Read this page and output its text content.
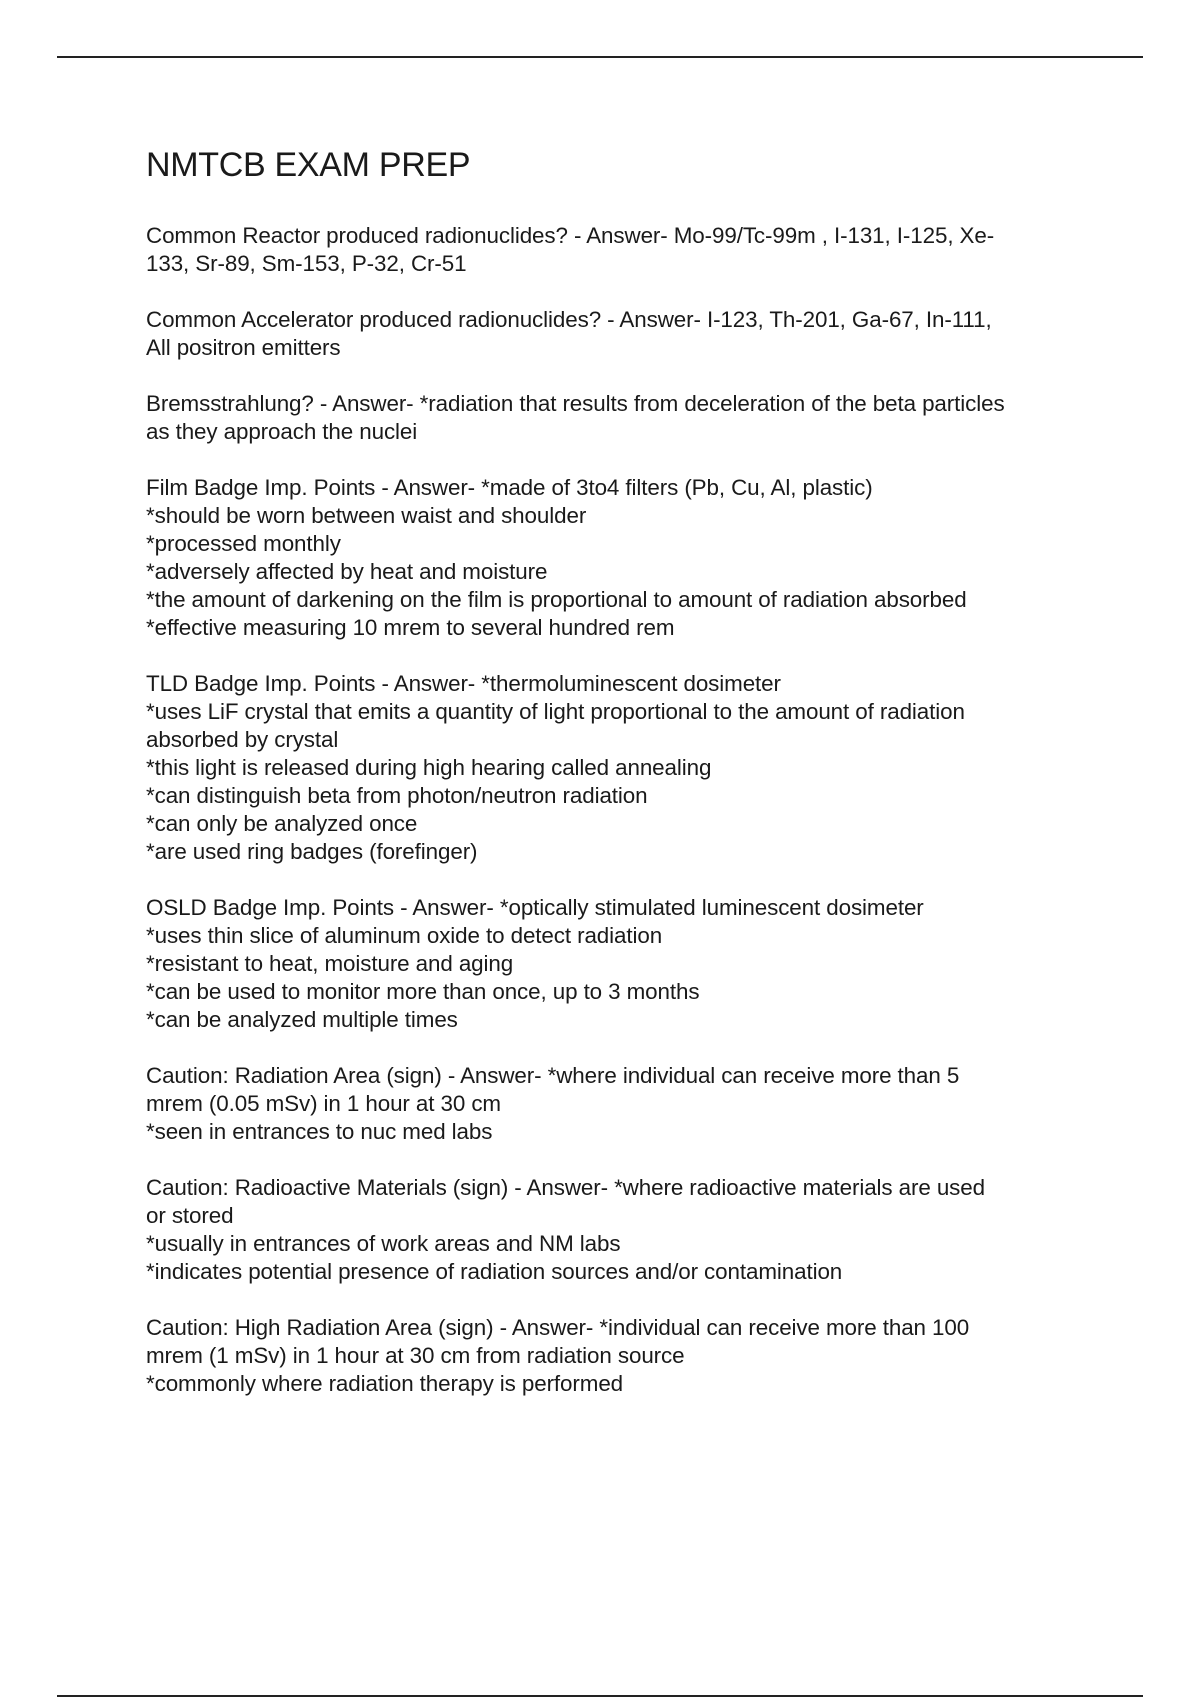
NMTCB EXAM PREP

Common Reactor produced radionuclides? - Answer- Mo-99/Tc-99m , I-131, I-125, Xe-

133, Sr-89, Sm-153, P-32, Cr-51

Common Accelerator produced radionuclides? - Answer- I-123, Th-201, Ga-67, In-111,

All positron emitters

Bremsstrahlung? - Answer- *radiation that results from deceleration of the beta particles

as they approach the nuclei

Film Badge Imp. Points - Answer- *made of 3to4 filters (Pb, Cu, Al, plastic)

*should be worn between waist and shoulder

*processed monthly

*adversely affected by heat and moisture

*the amount of darkening on the film is proportional to amount of radiation absorbed

*effective measuring 10 mrem to several hundred rem

TLD Badge Imp. Points - Answer- *thermoluminescent dosimeter

*uses LiF crystal that emits a quantity of light proportional to the amount of radiation

absorbed by crystal

*this light is released during high hearing called annealing

*can distinguish beta from photon/neutron radiation

*can only be analyzed once

*are used ring badges (forefinger)

OSLD Badge Imp. Points - Answer- *optically stimulated luminescent dosimeter

*uses thin slice of aluminum oxide to detect radiation

*resistant to heat, moisture and aging

*can be used to monitor more than once, up to 3 months

*can be analyzed multiple times

Caution: Radiation Area (sign) - Answer- *where individual can receive more than 5

mrem (0.05 mSv) in 1 hour at 30 cm

*seen in entrances to nuc med labs

Caution: Radioactive Materials (sign) - Answer- *where radioactive materials are used

or stored

*usually in entrances of work areas and NM labs

*indicates potential presence of radiation sources and/or contamination

Caution: High Radiation Area (sign) - Answer- *individual can receive more than 100

mrem (1 mSv) in 1 hour at 30 cm from radiation source

*commonly where radiation therapy is performed
